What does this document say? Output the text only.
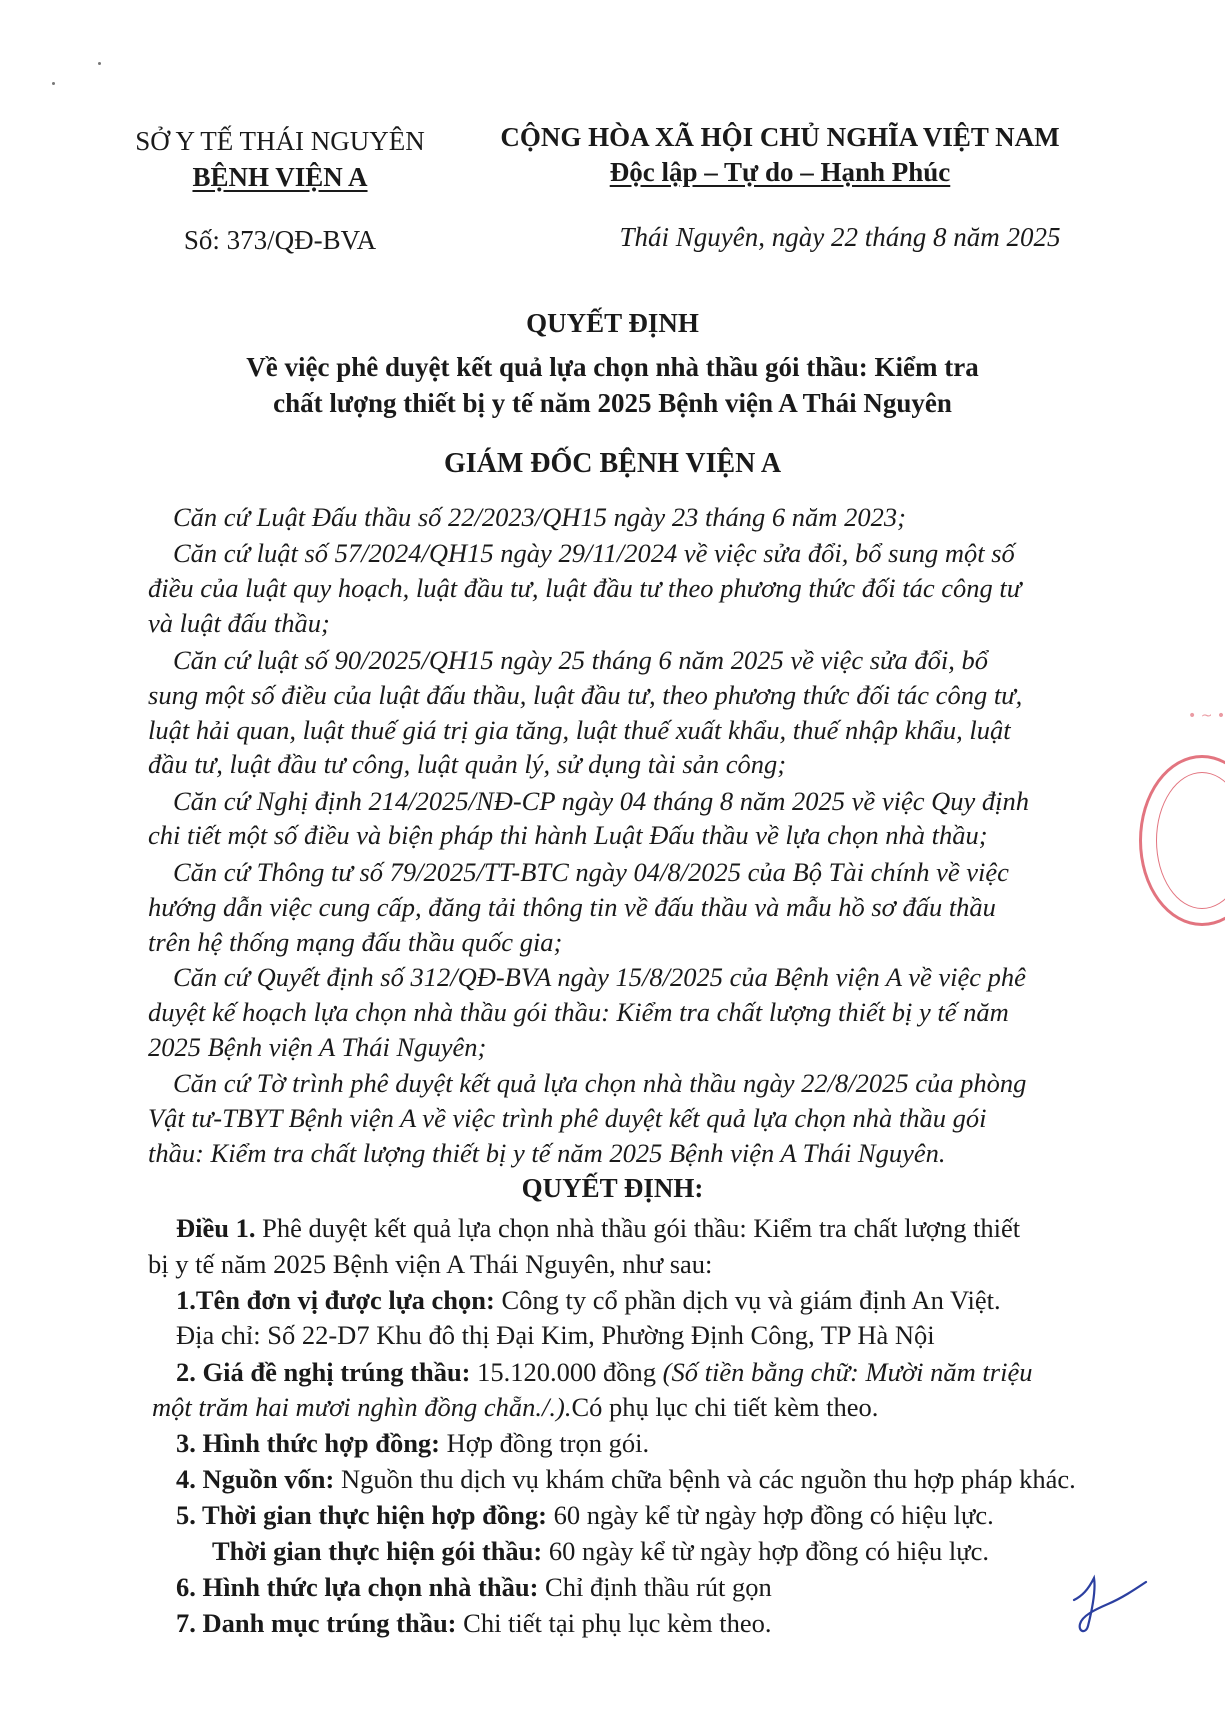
SỞ Y TẾ THÁI NGUYÊN
BỆNH VIỆN A
Số: 373/QĐ-BVA
CỘNG HÒA XÃ HỘI CHỦ NGHĨA VIỆT NAM
Độc lập – Tự do – Hạnh Phúc
Thái Nguyên, ngày 22 tháng 8 năm 2025
QUYẾT ĐỊNH
Về việc phê duyệt kết quả lựa chọn nhà thầu gói thầu: Kiểm tra
chất lượng thiết bị y tế năm 2025 Bệnh viện A Thái Nguyên
GIÁM ĐỐC BỆNH VIỆN A
Căn cứ Luật Đấu thầu số 22/2023/QH15 ngày 23 tháng 6 năm 2023;
Căn cứ luật số 57/2024/QH15 ngày 29/11/2024 về việc sửa đổi, bổ sung một số
điều của luật quy hoạch, luật đầu tư, luật đầu tư theo phương thức đối tác công tư
và luật đấu thầu;
Căn cứ luật số 90/2025/QH15 ngày 25 tháng 6 năm 2025 về việc sửa đổi, bổ
sung một số điều của luật đấu thầu, luật đầu tư, theo phương thức đối tác công tư,
luật hải quan, luật thuế giá trị gia tăng, luật thuế xuất khẩu, thuế nhập khẩu, luật
đầu tư, luật đầu tư công, luật quản lý, sử dụng tài sản công;
Căn cứ Nghị định 214/2025/NĐ-CP ngày 04 tháng 8 năm 2025 về việc Quy định
chi tiết một số điều và biện pháp thi hành Luật Đấu thầu về lựa chọn nhà thầu;
Căn cứ Thông tư số 79/2025/TT-BTC ngày 04/8/2025 của Bộ Tài chính về việc
hướng dẫn việc cung cấp, đăng tải thông tin về đấu thầu và mẫu hồ sơ đấu thầu
trên hệ thống mạng đấu thầu quốc gia;
Căn cứ Quyết định số 312/QĐ-BVA ngày 15/8/2025 của Bệnh viện A về việc phê
duyệt kế hoạch lựa chọn nhà thầu gói thầu: Kiểm tra chất lượng thiết bị y tế năm
2025 Bệnh viện A Thái Nguyên;
Căn cứ Tờ trình phê duyệt kết quả lựa chọn nhà thầu ngày 22/8/2025 của phòng
Vật tư-TBYT Bệnh viện A về việc trình phê duyệt kết quả lựa chọn nhà thầu gói
thầu: Kiểm tra chất lượng thiết bị y tế năm 2025 Bệnh viện A Thái Nguyên.
QUYẾT ĐỊNH:
Điều 1. Phê duyệt kết quả lựa chọn nhà thầu gói thầu: Kiểm tra chất lượng thiết
bị y tế năm 2025 Bệnh viện A Thái Nguyên, như sau:
1.Tên đơn vị được lựa chọn: Công ty cổ phần dịch vụ và giám định An Việt.
Địa chỉ: Số 22-D7 Khu đô thị Đại Kim, Phường Định Công, TP Hà Nội
2. Giá đề nghị trúng thầu: 15.120.000 đồng (Số tiền bằng chữ: Mười năm triệu
một trăm hai mươi nghìn đồng chẵn./.).Có phụ lục chi tiết kèm theo.
3. Hình thức hợp đồng: Hợp đồng trọn gói.
4. Nguồn vốn: Nguồn thu dịch vụ khám chữa bệnh và các nguồn thu hợp pháp khác.
5. Thời gian thực hiện hợp đồng: 60 ngày kể từ ngày hợp đồng có hiệu lực.
Thời gian thực hiện gói thầu: 60 ngày kể từ ngày hợp đồng có hiệu lực.
6. Hình thức lựa chọn nhà thầu: Chỉ định thầu rút gọn
7. Danh mục trúng thầu: Chi tiết tại phụ lục kèm theo.
• ~ •
